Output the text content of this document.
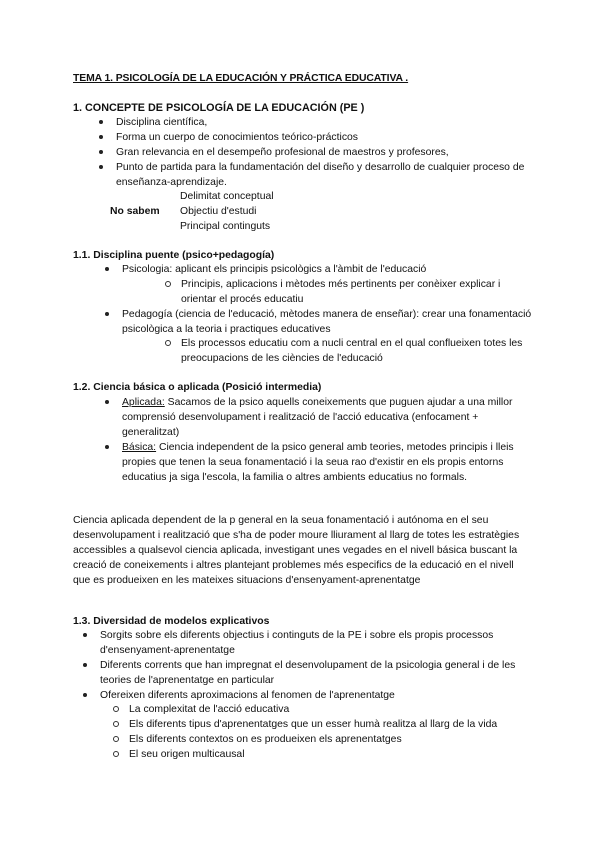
TEMA 1. PSICOLOGÍA DE LA EDUCACIÓN Y PRÁCTICA EDUCATIVA .
1. CONCEPTE DE PSICOLOGÍA DE LA EDUCACIÓN (PE )
Disciplina científica,
Forma un cuerpo de conocimientos teórico-prácticos
Gran relevancia en el desempeño profesional de maestros y profesores,
Punto de partida para la fundamentación del diseño y desarrollo de cualquier proceso de enseñanza-aprendizaje.
No sabem
Delimitat conceptual
Objectiu d'estudi
Principal continguts
1.1. Disciplina puente (psico+pedagogía)
Psicologia: aplicant els principis psicològics a l'àmbit de l'educació
Principis, aplicacions i mètodes més pertinents per conèixer explicar i orientar el procés educatiu
Pedagogía (ciencia de l'educació, mètodes manera de enseñar): crear una fonamentació psicològica a la teoria i practiques educatives
Els processos educatiu com a nucli central en el qual conflueixen totes les preocupacions de les ciències de l'educació
1.2. Ciencia básica o aplicada (Posició intermedia)
Aplicada: Sacamos de la psico aquells coneixements que puguen ajudar a una millor comprensió desenvolupament i realització de l'acció educativa (enfocament + generalitzat)
Básica: Ciencia independent de la psico general amb teories, metodes principis i lleis propies que tenen la seua fonamentació i la seua rao d'existir en els propis entorns educatius ja siga l'escola, la familia o altres ambients educatius no formals.
Ciencia aplicada dependent de la p general en la seua fonamentació i autónoma en el seu desenvolupament i realització que s'ha de poder moure lliurament al llarg de totes les estratègies accessibles a qualsevol ciencia aplicada, investigant unes vegades en el nivell básica buscant la creació de coneixements i altres plantejant problemes més especifics de la educació en el nivell que es produeixen en les mateixes situacions d'ensenyament-aprenentatge
1.3. Diversidad de modelos explicativos
Sorgits sobre els diferents objectius i continguts de la PE i sobre els propis processos d'ensenyament-aprenentatge
Diferents corrents que han impregnat el desenvolupament de la psicologia general i de les teories de l'aprenentatge en particular
Ofereixen diferents aproximacions al fenomen de l'aprenentatge
La complexitat de l'acció educativa
Els diferents tipus d'aprenentatges que un esser humà realitza al llarg de la vida
Els diferents contextos on es produeixen els aprenentatges
El seu origen multicausal
